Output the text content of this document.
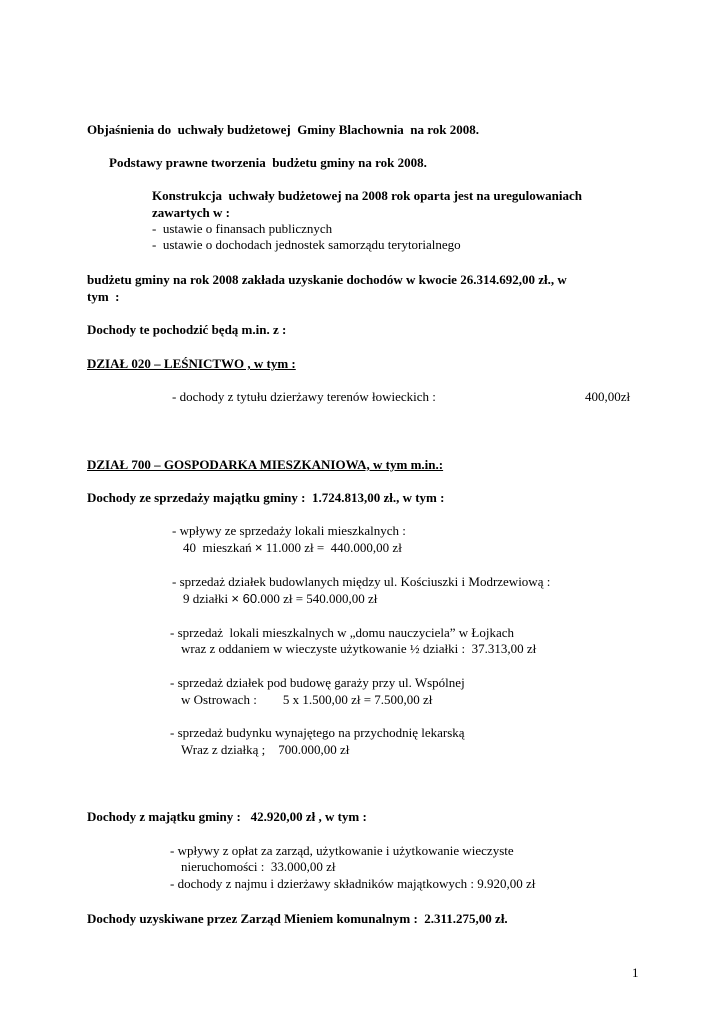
Objaśnienia do  uchwały budżetowej  Gminy Blachownia  na rok 2008.
Podstawy prawne tworzenia  budżetu gminy na rok 2008.
Konstrukcja  uchwały budżetowej na 2008 rok oparta jest na uregulowaniach
zawartych w :
-  ustawie o finansach publicznych
-  ustawie o dochodach jednostek samorządu terytorialnego
budżetu gminy na rok 2008 zakłada uzyskanie dochodów w kwocie 26.314.692,00 zł., w
tym  :
Dochody te pochodzić będą m.in. z :
DZIAŁ 020 – LEŚNICTWO , w tym :
- dochody z tytułu dzierżawy terenów łowieckich :	400,00zł
DZIAŁ 700 – GOSPODARKA MIESZKANIOWA, w tym m.in.:
Dochody ze sprzedaży majątku gminy :  1.724.813,00 zł., w tym :
- wpływy ze sprzedaży lokali mieszkalnych :
40  mieszkań × 11.000 zł =  440.000,00 zł
- sprzedaż działek budowlanych między ul. Kościuszki i Modrzewiową :
9 działki × 60.000 zł = 540.000,00 zł
- sprzedaż  lokali mieszkalnych w „domu nauczyciela” w Łojkach
wraz z oddaniem w wieczyste użytkowanie ½ działki :  37.313,00 zł
- sprzedaż działek pod budowę garaży przy ul. Wspólnej
w Ostrowach :        5 x 1.500,00 zł = 7.500,00 zł
- sprzedaż budynku wynajętego na przychodnię lekarską
Wraz z działką ;    700.000,00 zł
Dochody z majątku gminy :   42.920,00 zł , w tym :
- wpływy z opłat za zarząd, użytkowanie i użytkowanie wieczyste
nieruchomości :  33.000,00 zł
- dochody z najmu i dzierżawy składników majątkowych : 9.920,00 zł
Dochody uzyskiwane przez Zarząd Mieniem komunalnym :  2.311.275,00 zł.
1
